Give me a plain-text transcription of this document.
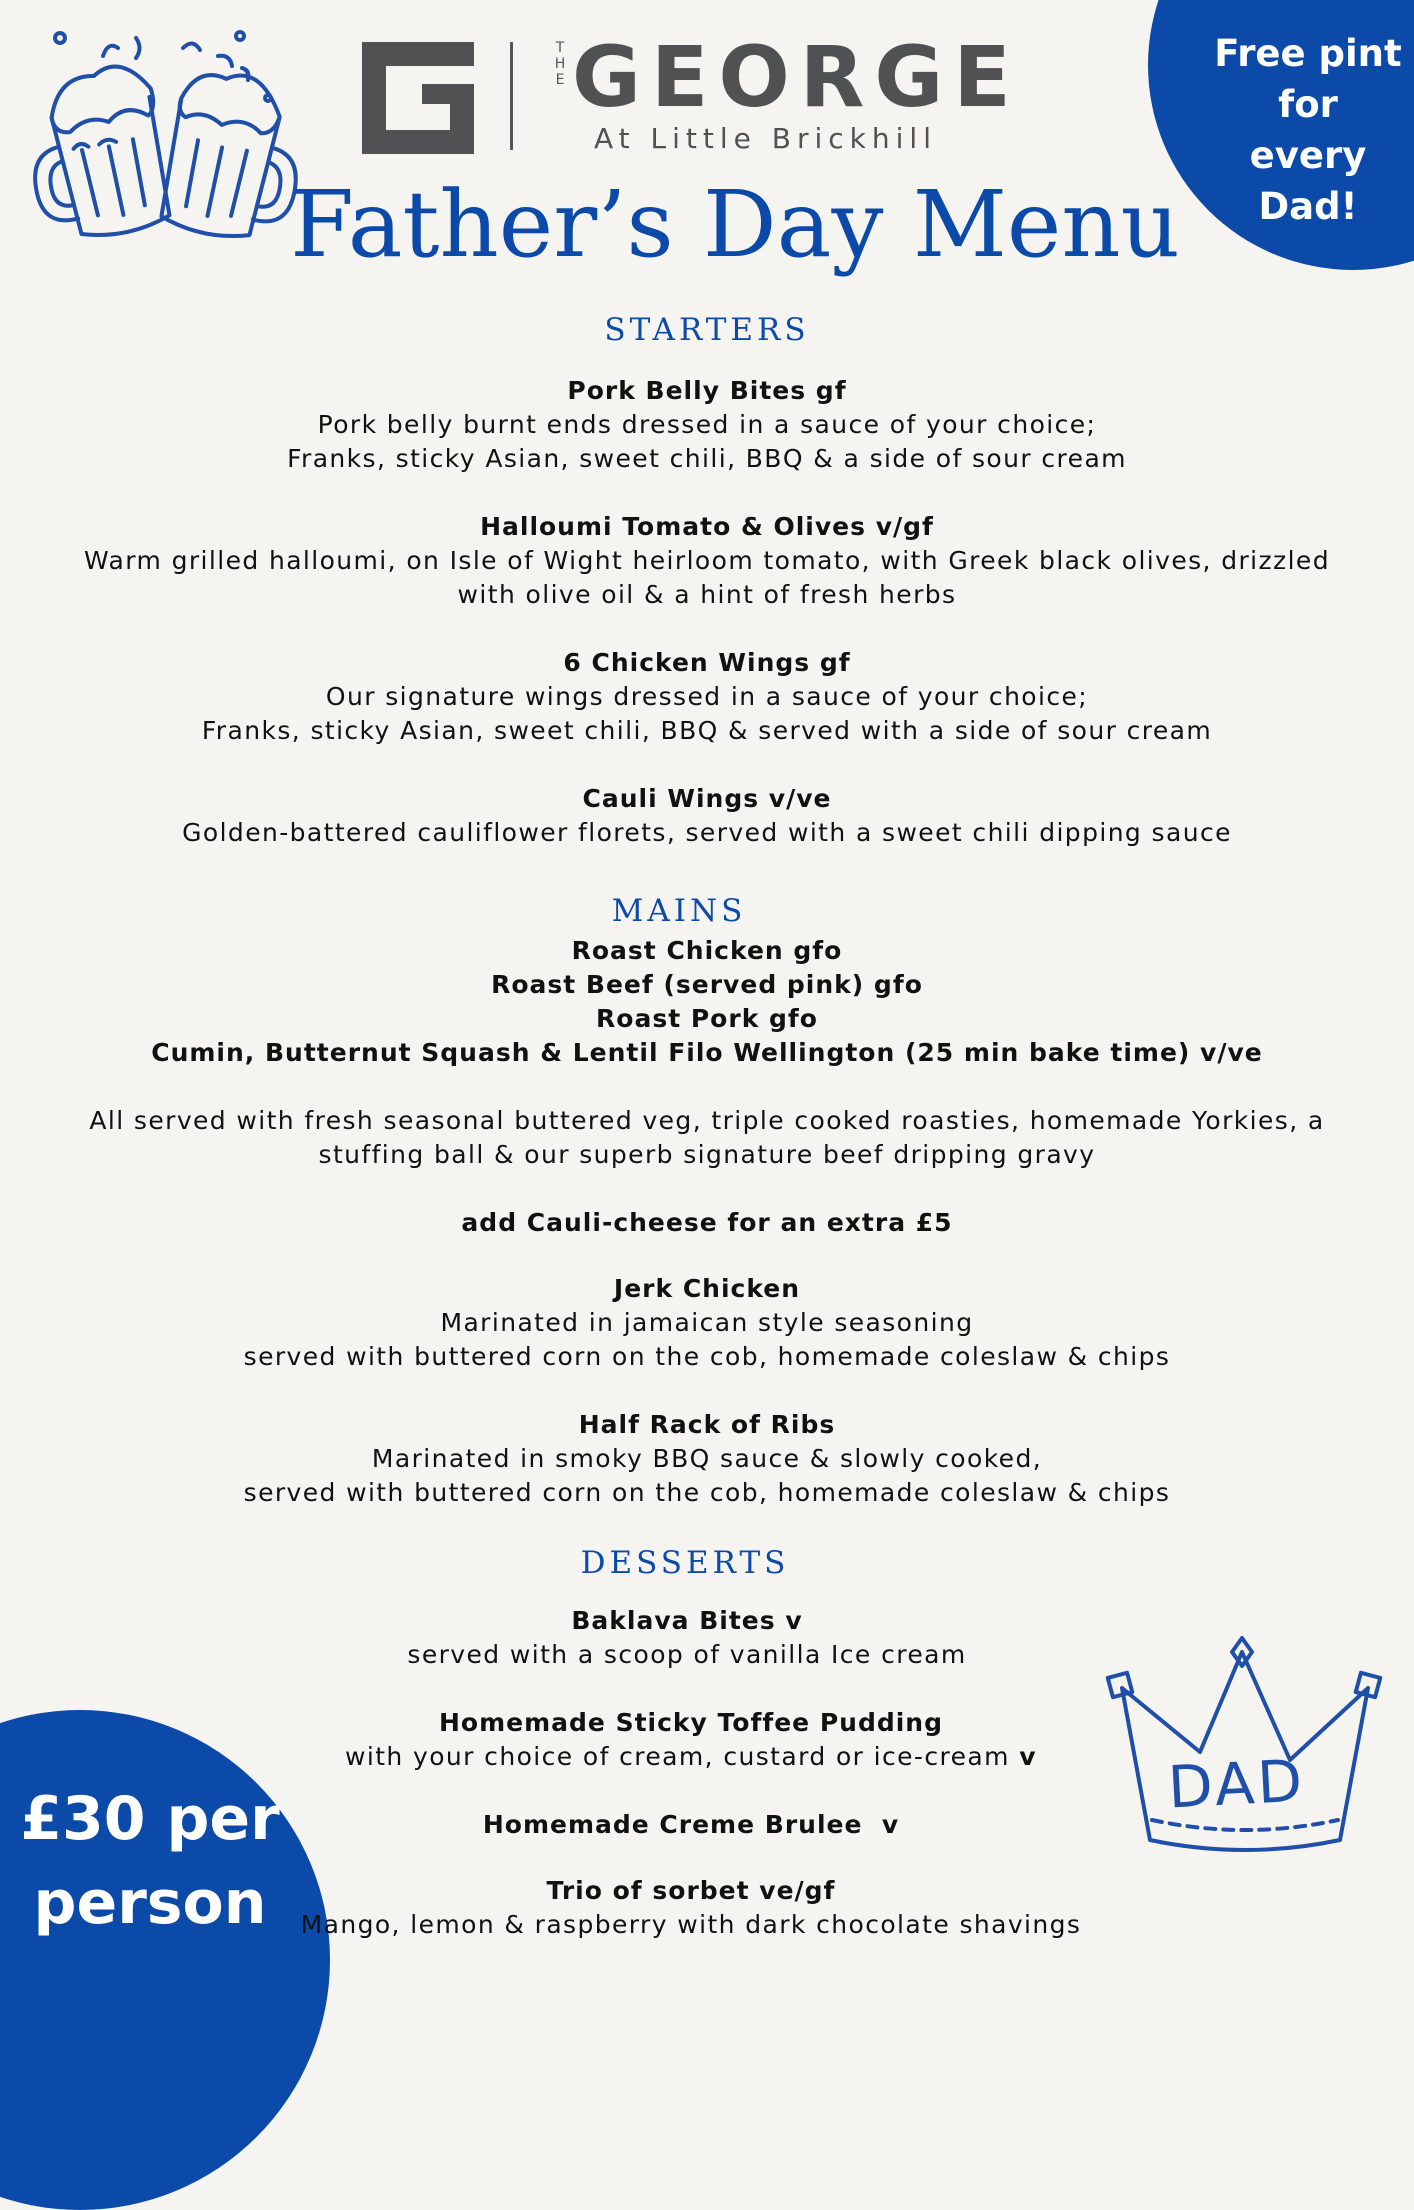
Free pint
for
every
Dad!
£30 per
person
THE GEORGE
At Little Brickhill
Father’s Day Menu
STARTERS
Pork Belly Bites gf
Pork belly burnt ends dressed in a sauce of your choice;
Franks, sticky Asian, sweet chili, BBQ & a side of sour cream
Halloumi Tomato & Olives v/gf
Warm grilled halloumi, on Isle of Wight heirloom tomato, with Greek black olives, drizzled
with olive oil & a hint of fresh herbs
6 Chicken Wings gf
Our signature wings dressed in a sauce of your choice;
Franks, sticky Asian, sweet chili, BBQ & served with a side of sour cream
Cauli Wings v/ve
Golden-battered cauliflower florets, served with a sweet chili dipping sauce
MAINS
Roast Chicken gfo
Roast Beef (served pink) gfo
Roast Pork gfo
Cumin, Butternut Squash & Lentil Filo Wellington (25 min bake time) v/ve
All served with fresh seasonal buttered veg, triple cooked roasties, homemade Yorkies, a
stuffing ball & our superb signature beef dripping gravy
add Cauli-cheese for an extra £5
Jerk Chicken
Marinated in jamaican style seasoning
served with buttered corn on the cob, homemade coleslaw & chips
Half Rack of Ribs
Marinated in smoky BBQ sauce & slowly cooked,
served with buttered corn on the cob, homemade coleslaw & chips
DESSERTS
Baklava Bites v
served with a scoop of vanilla Ice cream
Homemade Sticky Toffee Pudding
with your choice of cream, custard or ice-cream v
Homemade Creme Brulee  v
Trio of sorbet ve/gf
Mango, lemon & raspberry with dark chocolate shavings
DAD
